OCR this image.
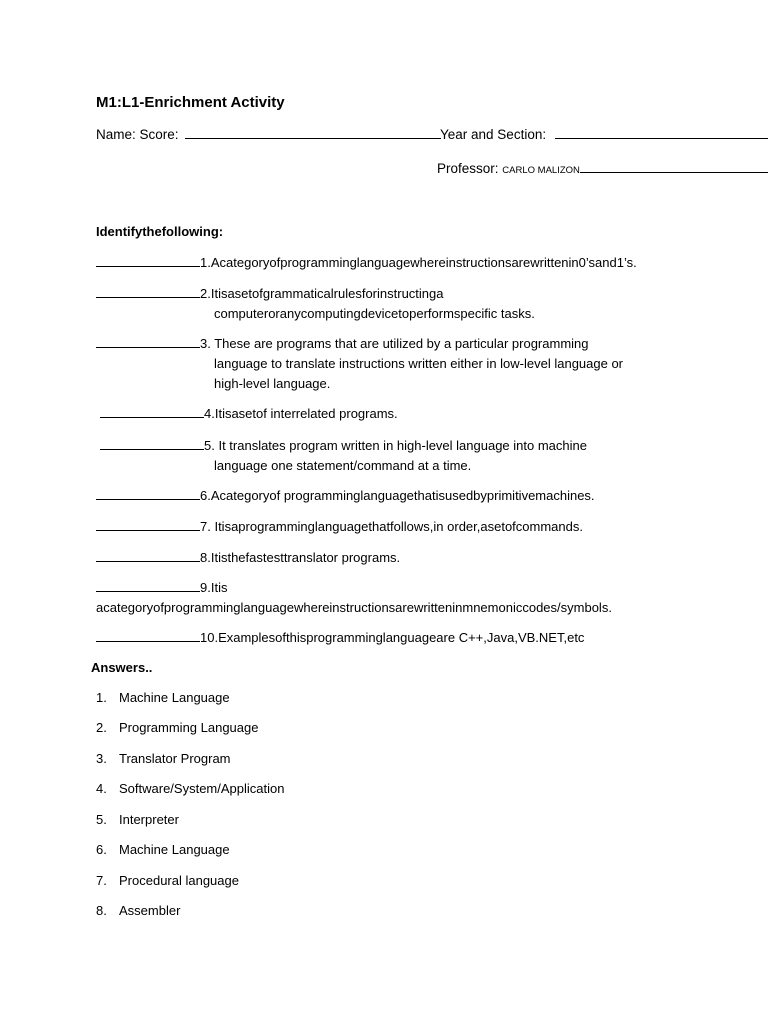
M1:L1-Enrichment Activity
Name: Score:	Year and Section:
Professor: CARLO MALIZON
Identifythefollowing:
1.Acategoryofprogramminglanguagewhereinstructionsarewrittenin0’sand1’s.
2.Itisasetofgrammaticalrulesforinstructinga
computeroranycomputingdevicetoperformspecific tasks.
3. These are programs that are utilized by a particular programming
language to translate instructions written either in low-level language or
high-level language.
4.Itisasetof interrelated programs.
5. It translates program written in high-level language into machine
language one statement/command at a time.
6.Acategoryof programminglanguagethatisusedbyprimitivemachines.
7. Itisaprogramminglanguagethatfollows,in order,asetofcommands.
8.Itisthefastesttranslator programs.
9.Itis
acategoryofprogramminglanguagewhereinstructionsarewritteninmnemoniccodes/symbols.
10.Examplesofthisprogramminglanguageare C++,Java,VB.NET,etc
Answers..
1. Machine Language
2. Programming Language
3. Translator Program
4. Software/System/Application
5. Interpreter
6. Machine Language
7. Procedural language
8. Assembler
